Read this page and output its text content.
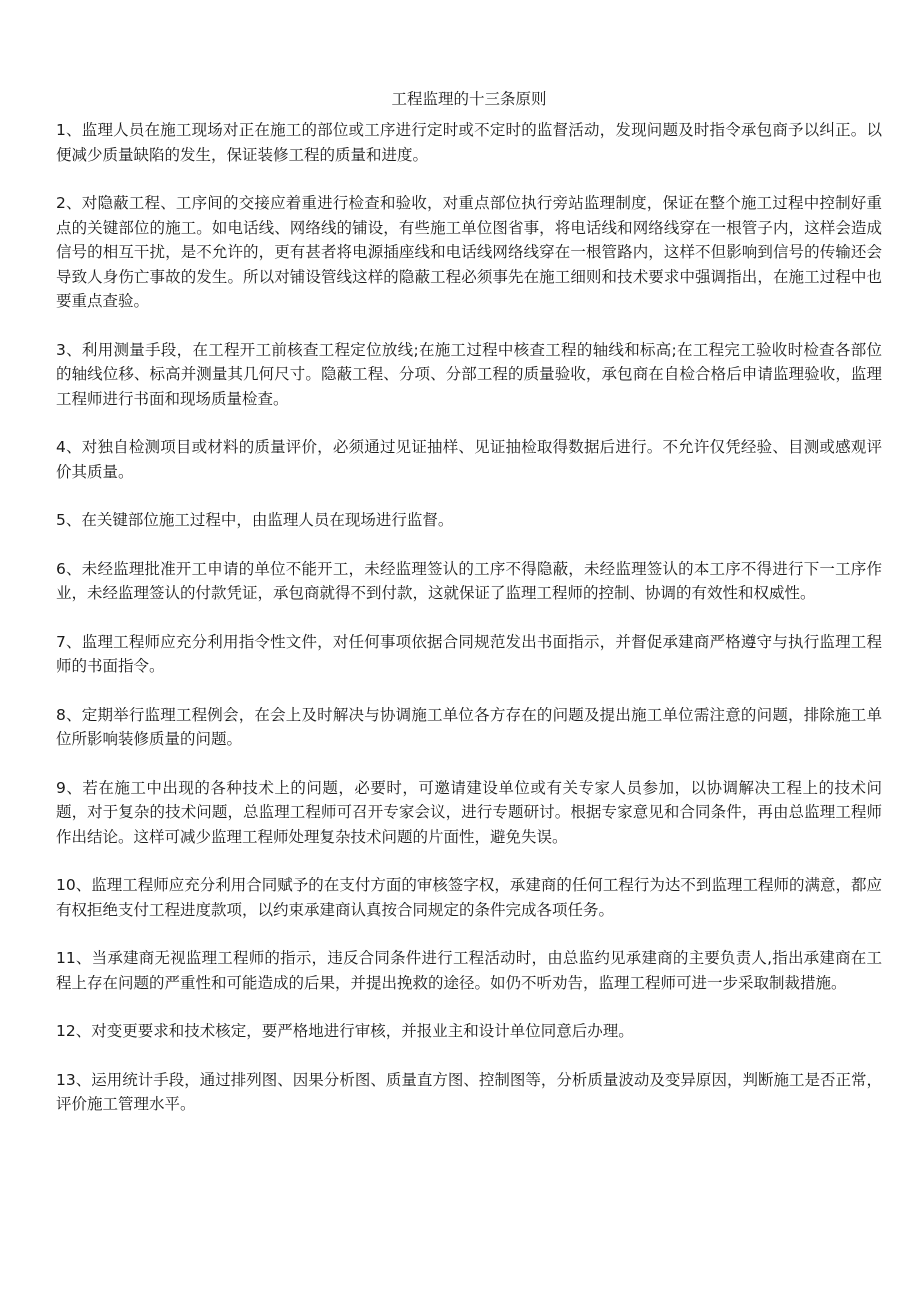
工程监理的十三条原则

1、监理人员在施工现场对正在施工的部位或工序进行定时或不定时的监督活动，发现问题及时指令承包商予以纠正。以便减少质量缺陷的发生，保证装修工程的质量和进度。

2、对隐蔽工程、工序间的交接应着重进行检查和验收，对重点部位执行旁站监理制度，保证在整个施工过程中控制好重点的关键部位的施工。如电话线、网络线的铺设，有些施工单位图省事，将电话线和网络线穿在一根管子内，这样会造成信号的相互干扰，是不允许的，更有甚者将电源插座线和电话线网络线穿在一根管路内，这样不但影响到信号的传输还会导致人身伤亡事故的发生。所以对铺设管线这样的隐蔽工程必须事先在施工细则和技术要求中强调指出，在施工过程中也要重点查验。

3、利用测量手段，在工程开工前核查工程定位放线;在施工过程中核查工程的轴线和标高;在工程完工验收时检查各部位的轴线位移、标高并测量其几何尺寸。隐蔽工程、分项、分部工程的质量验收，承包商在自检合格后申请监理验收，监理工程师进行书面和现场质量检查。

4、对独自检测项目或材料的质量评价，必须通过见证抽样、见证抽检取得数据后进行。不允许仅凭经验、目测或感观评价其质量。

5、在关键部位施工过程中，由监理人员在现场进行监督。

6、未经监理批准开工申请的单位不能开工，未经监理签认的工序不得隐蔽，未经监理签认的本工序不得进行下一工序作业，未经监理签认的付款凭证，承包商就得不到付款，这就保证了监理工程师的控制、协调的有效性和权威性。

7、监理工程师应充分利用指令性文件，对任何事项依据合同规范发出书面指示，并督促承建商严格遵守与执行监理工程师的书面指令。

8、定期举行监理工程例会，在会上及时解决与协调施工单位各方存在的问题及提出施工单位需注意的问题，排除施工单位所影响装修质量的问题。

9、若在施工中出现的各种技术上的问题，必要时，可邀请建设单位或有关专家人员参加，以协调解决工程上的技术问题，对于复杂的技术问题，总监理工程师可召开专家会议，进行专题研讨。根据专家意见和合同条件，再由总监理工程师作出结论。这样可减少监理工程师处理复杂技术问题的片面性，避免失误。

10、监理工程师应充分利用合同赋予的在支付方面的审核签字权，承建商的任何工程行为达不到监理工程师的满意，都应有权拒绝支付工程进度款项，以约束承建商认真按合同规定的条件完成各项任务。

11、当承建商无视监理工程师的指示，违反合同条件进行工程活动时，由总监约见承建商的主要负责人,指出承建商在工程上存在问题的严重性和可能造成的后果，并提出挽救的途径。如仍不听劝告，监理工程师可进一步采取制裁措施。

12、对变更要求和技术核定，要严格地进行审核，并报业主和设计单位同意后办理。

13、运用统计手段，通过排列图、因果分析图、质量直方图、控制图等，分析质量波动及变异原因，判断施工是否正常，评价施工管理水平。
